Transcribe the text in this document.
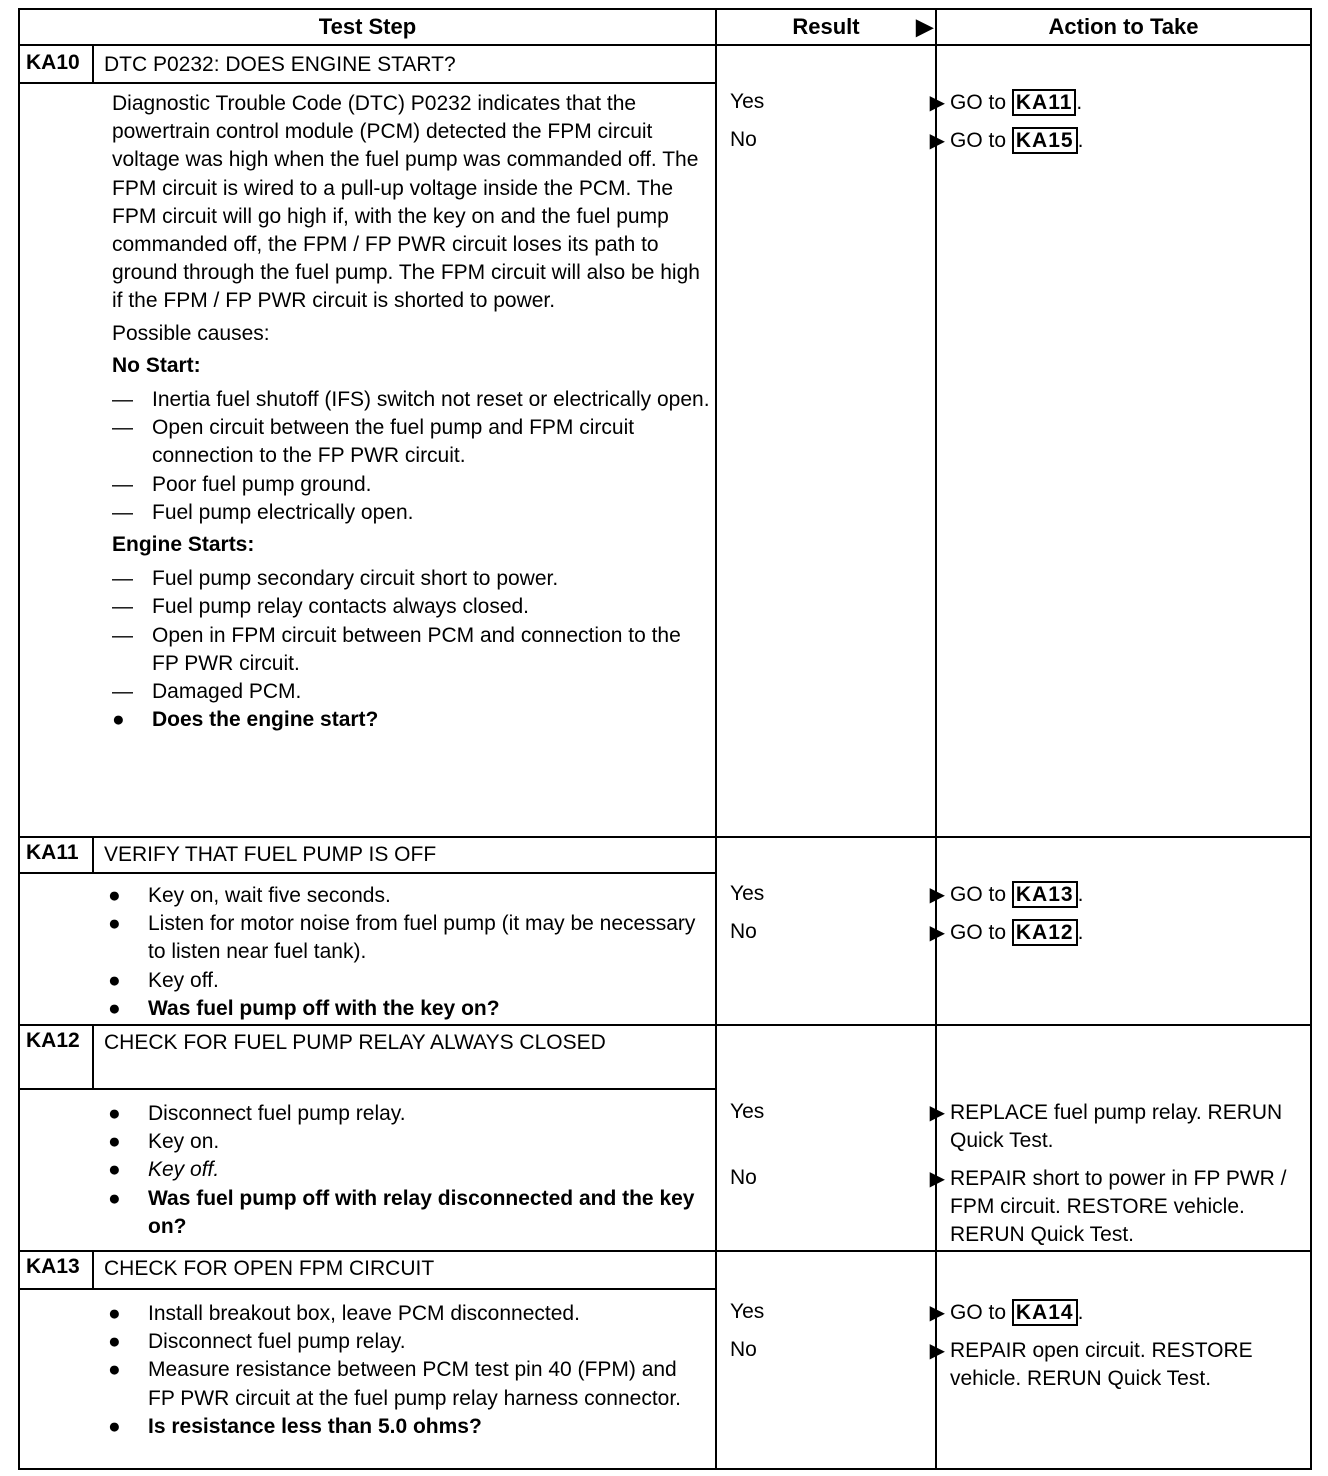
Test Step	Result	▶	Action to Take
KA10	DTC P0232: DOES ENGINE START?
Diagnostic Trouble Code (DTC) P0232 indicates that the powertrain control module (PCM) detected the FPM circuit voltage was high when the fuel pump was commanded off. The FPM circuit is wired to a pull-up voltage inside the PCM. The FPM circuit will go high if, with the key on and the fuel pump commanded off, the FPM / FP PWR circuit loses its path to ground through the fuel pump. The FPM circuit will also be high if the FPM / FP PWR circuit is shorted to power.
Possible causes:
No Start:
— Inertia fuel shutoff (IFS) switch not reset or electrically open.
— Open circuit between the fuel pump and FPM circuit connection to the FP PWR circuit.
— Poor fuel pump ground.
— Fuel pump electrically open.
Engine Starts:
— Fuel pump secondary circuit short to power.
— Fuel pump relay contacts always closed.
— Open in FPM circuit between PCM and connection to the FP PWR circuit.
— Damaged PCM.
●	Does the engine start?
Yes	▶ GO to KA11 .
No	▶ GO to KA15 .
KA11	VERIFY THAT FUEL PUMP IS OFF
●	Key on, wait five seconds.
●	Listen for motor noise from fuel pump (it may be necessary to listen near fuel tank).
●	Key off.
●	Was fuel pump off with the key on?
Yes	▶ GO to KA13 .
No	▶ GO to KA12 .
KA12	CHECK FOR FUEL PUMP RELAY ALWAYS CLOSED
●	Disconnect fuel pump relay.
●	Key on.
●	Key off.
●	Was fuel pump off with relay disconnected and the key on?
Yes	▶ REPLACE fuel pump relay. RERUN Quick Test.
No	▶ REPAIR short to power in FP PWR / FPM circuit. RESTORE vehicle. RERUN Quick Test.
KA13	CHECK FOR OPEN FPM CIRCUIT
●	Install breakout box, leave PCM disconnected.
●	Disconnect fuel pump relay.
●	Measure resistance between PCM test pin 40 (FPM) and FP PWR circuit at the fuel pump relay harness connector.
●	Is resistance less than 5.0 ohms?
Yes	▶ GO to KA14 .
No	▶ REPAIR open circuit. RESTORE vehicle. RERUN Quick Test.
